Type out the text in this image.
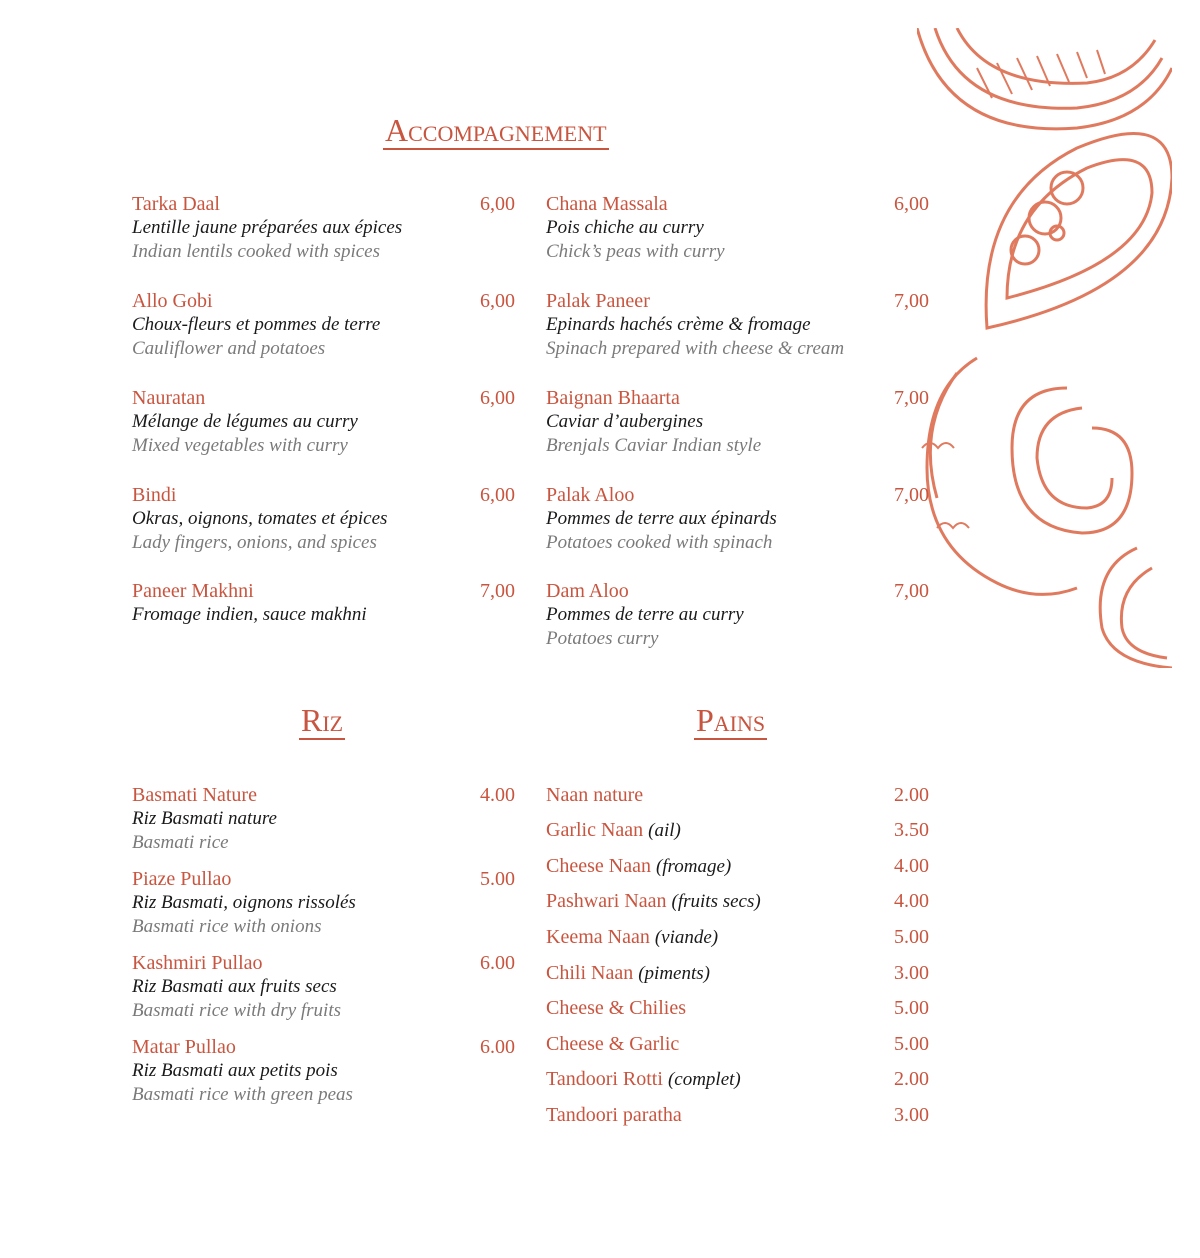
Accompagnement
Riz	Pains
Tarka Daal	6,00
Lentille jaune préparées aux épices
Indian lentils cooked with spices
Allo Gobi	6,00
Choux-fleurs et pommes de terre
Cauliflower and potatoes
Nauratan	6,00
Mélange de légumes au curry
Mixed vegetables with curry
Bindi	6,00
Okras, oignons, tomates et épices
Lady fingers, onions, and spices
Paneer Makhni	7,00
Fromage indien, sauce makhni
Chana Massala	6,00
Pois chiche au curry
Chick’s peas with curry
Palak Paneer	7,00
Epinards hachés crème & fromage
Spinach prepared with cheese & cream
Baignan Bhaarta	7,00
Caviar d’aubergines
Brenjals Caviar Indian style
Palak Aloo	7,00
Pommes de terre aux épinards
Potatoes cooked with spinach
Dam Aloo	7,00
Pommes de terre au curry
Potatoes curry
Basmati Nature	4.00
Riz Basmati nature
Basmati rice
Piaze Pullao	5.00
Riz Basmati, oignons rissolés
Basmati rice with onions
Kashmiri Pullao	6.00
Riz Basmati aux fruits secs
Basmati rice with dry fruits
Matar Pullao	6.00
Riz Basmati aux petits pois
Basmati rice with green peas
Naan nature	2.00
Garlic Naan (ail)	3.50
Cheese Naan (fromage)	4.00
Pashwari Naan (fruits secs)	4.00
Keema Naan (viande)	5.00
Chili Naan (piments)	3.00
Cheese & Chilies	5.00
Cheese & Garlic	5.00
Tandoori Rotti (complet)	2.00
Tandoori paratha	3.00
